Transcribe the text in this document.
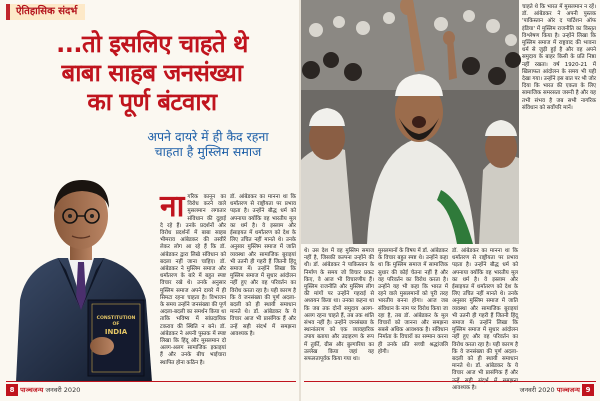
ऐतिहासिक संदर्भ
...तो इसलिए चाहते थे
बाबा साहब जनसंख्या
का पूर्ण बंटवारा
अपने दायरे में ही कैद रहना
चाहता है मुस्लिम समाज
CONSTITUTION
OF
INDIA
ना गरिक कानून का विरोध करने वाले मुसलमान लगातार संविधान की दुहाई दे रहे हैं। उनके प्रदर्शनों और विरोध प्रदर्शनों में बाबा साहब भीमराव आंबेडकर की तस्वीरें लेकर लोग आ रहे हैं कि डॉ. आंबेडकर द्वारा लिखे संविधान को बदला नहीं जाना चाहिए। डॉ. आंबेडकर ने मुस्लिम समाज और धर्मांतरण के बारे में बहुत स्पष्ट विचार रखे थे। उनके अनुसार मुस्लिम समाज अपने दायरे में ही सिमटा रहना चाहता है। विभाजन के समय उन्होंने जनसंख्या की पूर्ण अदला-बदली का समर्थन किया था ताकि भविष्य में सांप्रदायिक टकराव की स्थिति न बने। डॉ. आंबेडकर ने अपनी पुस्तक में स्पष्ट लिखा कि हिंदू और मुसलमान दो अलग-अलग सामाजिक इकाइयां हैं और उनके बीच भाईचारा स्थापित होना कठिन है।
डॉ. आंबेडकर का मानना था कि धर्मांतरण से राष्ट्रीयता पर प्रभाव पड़ता है। उन्होंने बौद्ध धर्म को अपनाया क्योंकि वह भारतीय मूल का धर्म है। वे इस्लाम और ईसाइयत में धर्मांतरण को देश के लिए उचित नहीं मानते थे। उनके अनुसार मुस्लिम समाज में जाति व्यवस्था और सामाजिक बुराइयां भी उतनी ही गहरी हैं जितनी हिंदू समाज में। उन्होंने लिखा कि मुस्लिम समाज में सुधार आंदोलन नहीं हुए और वह परिवर्तन का विरोध करता रहा है। यही कारण है कि वे जनसंख्या की पूर्ण अदला-बदली को ही स्थायी समाधान मानते थे। डॉ. आंबेडकर के ये विचार आज भी प्रासंगिक हैं और उन्हें सही संदर्भ में समझना आवश्यक है।
8 पाञ्चजन्य जनवरी 2020
चाहते थे कि भारत में मुसलमान न रहें। डॉ. आंबेडकर ने अपनी पुस्तक 'पाकिस्तान ऑर द पार्टिशन ऑफ इंडिया' में मुस्लिम राजनीति का विस्तृत विश्लेषण किया है। उन्होंने लिखा कि मुस्लिम समाज में राष्ट्रवाद की भावना धर्म से जुड़ी हुई है और वह अपने समुदाय के बाहर किसी के प्रति निष्ठा नहीं रखता। वर्ष 1920-21 में खिलाफत आंदोलन के समय भी यही देखा गया। उन्होंने इस बात पर भी जोर दिया कि भारत की एकता के लिए सामाजिक समरसता जरूरी है और यह तभी संभव है जब सभी नागरिक संविधान को सर्वोपरि मानें।
थे। उस देश में वह मुस्लिम समाज नहीं है, जिसकी कल्पना उन्होंने की थी। डॉ. आंबेडकर ने पाकिस्तान के निर्माण के समय जो विचार प्रकट किए, वे आज भी विचारणीय हैं। मुस्लिम राजनीति और मुस्लिम लीग की मांगों पर उन्होंने गहराई से अध्ययन किया था। उनका कहना था कि जब तक दोनों समुदाय अलग-अलग रहना चाहते हैं, तब तक शांति संभव नहीं है। उन्होंने जनसंख्या के स्थानांतरण को एक व्यावहारिक उपाय बताया और उदाहरण के रूप में तुर्की, ग्रीस और बुल्गारिया का उल्लेख किया जहां यह सफलतापूर्वक किया गया था।
मुसलमानों के विषय में डॉ. आंबेडकर के विचार बहुत स्पष्ट थे। उन्होंने कहा था कि मुस्लिम समाज में सामाजिक सुधार की कोई चेतना नहीं है और वह परिवर्तन का विरोध करता है। उन्होंने यह भी कहा कि भारत में रहने वाले मुसलमानों को पूरी तरह भारतीय बनना होगा। आज जब संविधान के नाम पर विरोध किया जा रहा है, तब डॉ. आंबेडकर के मूल विचारों को जानना और समझना सबसे अधिक आवश्यक है। संविधान निर्माता के विचारों का सम्मान करना ही उनके प्रति सच्ची श्रद्धांजलि होगी।
डॉ. आंबेडकर का मानना था कि धर्मांतरण से राष्ट्रीयता पर प्रभाव पड़ता है। उन्होंने बौद्ध धर्म को अपनाया क्योंकि वह भारतीय मूल का धर्म है। वे इस्लाम और ईसाइयत में धर्मांतरण को देश के लिए उचित नहीं मानते थे। उनके अनुसार मुस्लिम समाज में जाति व्यवस्था और सामाजिक बुराइयां भी उतनी ही गहरी हैं जितनी हिंदू समाज में। उन्होंने लिखा कि मुस्लिम समाज में सुधार आंदोलन नहीं हुए और वह परिवर्तन का विरोध करता रहा है। यही कारण है कि वे जनसंख्या की पूर्ण अदला-बदली को ही स्थायी समाधान मानते थे। डॉ. आंबेडकर के ये विचार आज भी प्रासंगिक हैं और आवश्यक है।	जनवरी 2020 पाञ्चजन्य 9
